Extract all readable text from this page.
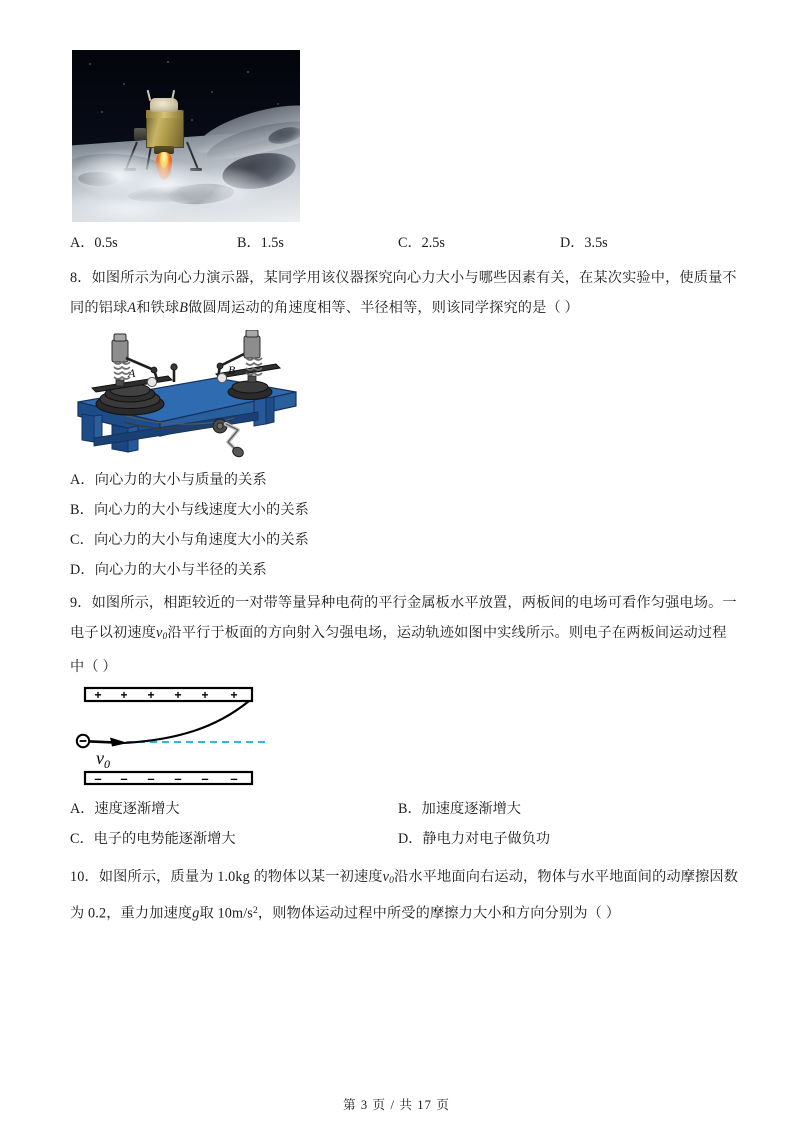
A．0.5s	B．1.5s	C．2.5s	D．3.5s
8．如图所示为向心力演示器，某同学用该仪器探究向心力大小与哪些因素有关，在某次实验中，使质量不
同的铝球A和铁球B做圆周运动的角速度相等、半径相等，则该同学探究的是（ ）
A．向心力的大小与质量的关系
B．向心力的大小与线速度大小的关系
C．向心力的大小与角速度大小的关系
D．向心力的大小与半径的关系
9．如图所示，相距较近的一对带等量异种电荷的平行金属板水平放置，两板间的电场可看作匀强电场。一
电子以初速度$v_0$沿平行于板面的方向射入匀强电场，运动轨迹如图中实线所示。则电子在两板间运动过程
中（ ）
A．速度逐渐增大	B．加速度逐渐增大
C．电子的电势能逐渐增大	D．静电力对电子做负功
10．如图所示，质量为 1.0kg 的物体以某一初速度$v_0$沿水平地面向右运动，物体与水平地面间的动摩擦因数
为 0.2，重力加速度g取 $10m/s^2$，则物体运动过程中所受的摩擦力大小和方向分别为（ ）
A	B
+ + + + + +
– – – – – –
$v_0$
第 3 页 / 共 17 页
